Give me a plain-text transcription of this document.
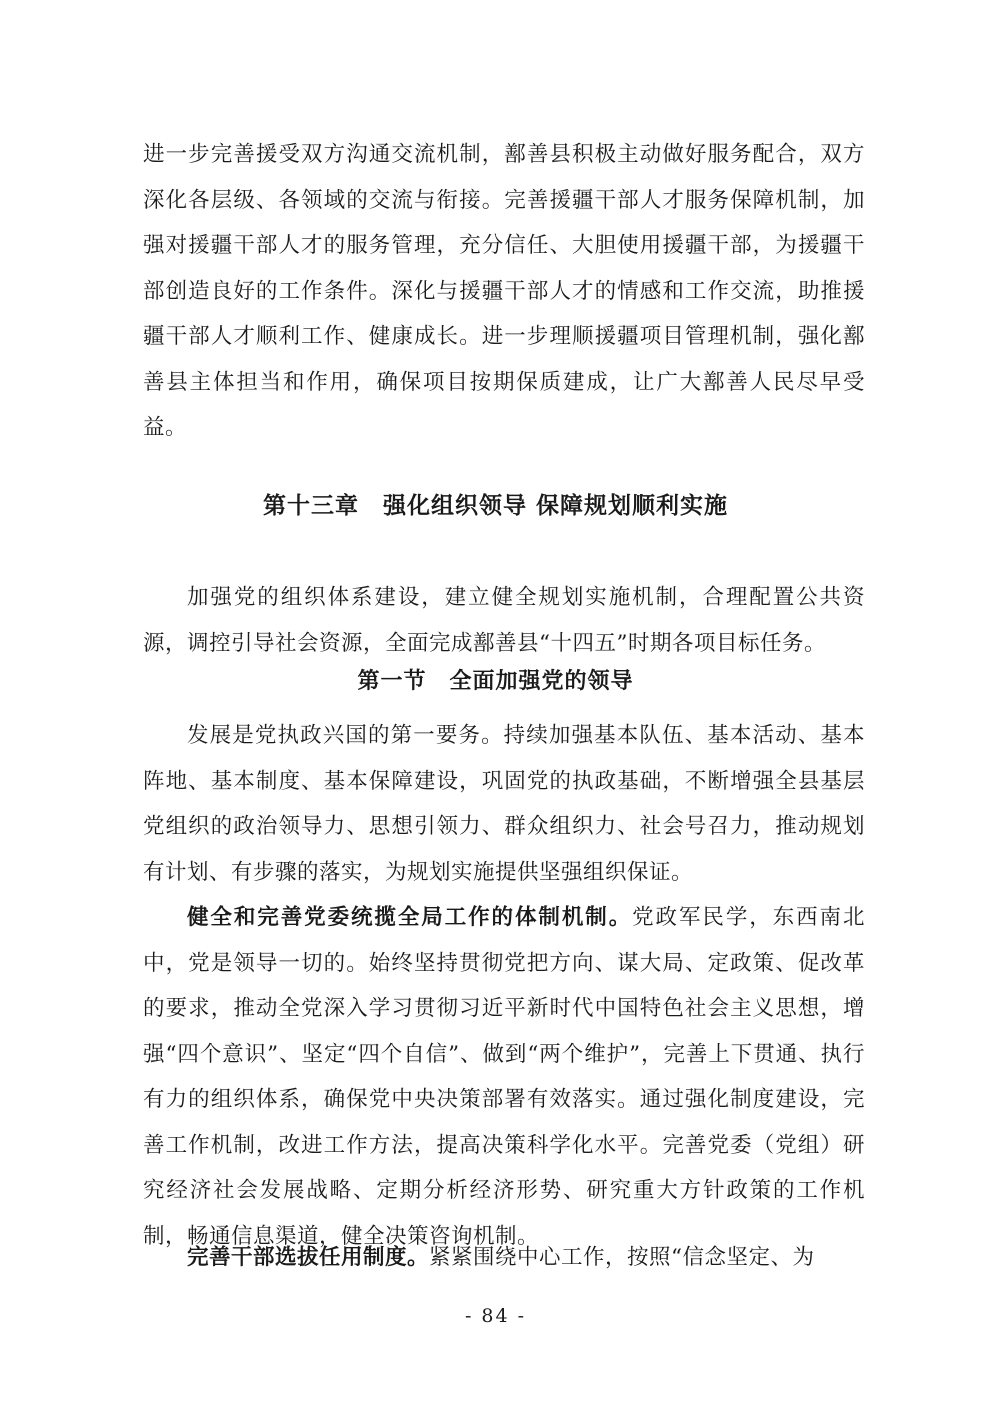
进一步完善援受双方沟通交流机制，鄯善县积极主动做好服务配合，双方深化各层级、各领域的交流与衔接。完善援疆干部人才服务保障机制，加强对援疆干部人才的服务管理，充分信任、大胆使用援疆干部，为援疆干部创造良好的工作条件。深化与援疆干部人才的情感和工作交流，助推援疆干部人才顺利工作、健康成长。进一步理顺援疆项目管理机制，强化鄯善县主体担当和作用，确保项目按期保质建成，让广大鄯善人民尽早受益。

第十三章　强化组织领导 保障规划顺利实施

加强党的组织体系建设，建立健全规划实施机制，合理配置公共资源，调控引导社会资源，全面完成鄯善县“十四五”时期各项目标任务。

第一节　全面加强党的领导

发展是党执政兴国的第一要务。持续加强基本队伍、基本活动、基本阵地、基本制度、基本保障建设，巩固党的执政基础，不断增强全县基层党组织的政治领导力、思想引领力、群众组织力、社会号召力，推动规划有计划、有步骤的落实，为规划实施提供坚强组织保证。

健全和完善党委统揽全局工作的体制机制。党政军民学，东西南北中，党是领导一切的。始终坚持贯彻党把方向、谋大局、定政策、促改革的要求，推动全党深入学习贯彻习近平新时代中国特色社会主义思想，增强“四个意识”、坚定“四个自信”、做到“两个维护”，完善上下贯通、执行有力的组织体系，确保党中央决策部署有效落实。通过强化制度建设，完善工作机制，改进工作方法，提高决策科学化水平。完善党委（党组）研究经济社会发展战略、定期分析经济形势、研究重大方针政策的工作机制，畅通信息渠道，健全决策咨询机制。

完善干部选拔任用制度。紧紧围绕中心工作，按照“信念坚定、为

- 84 -
